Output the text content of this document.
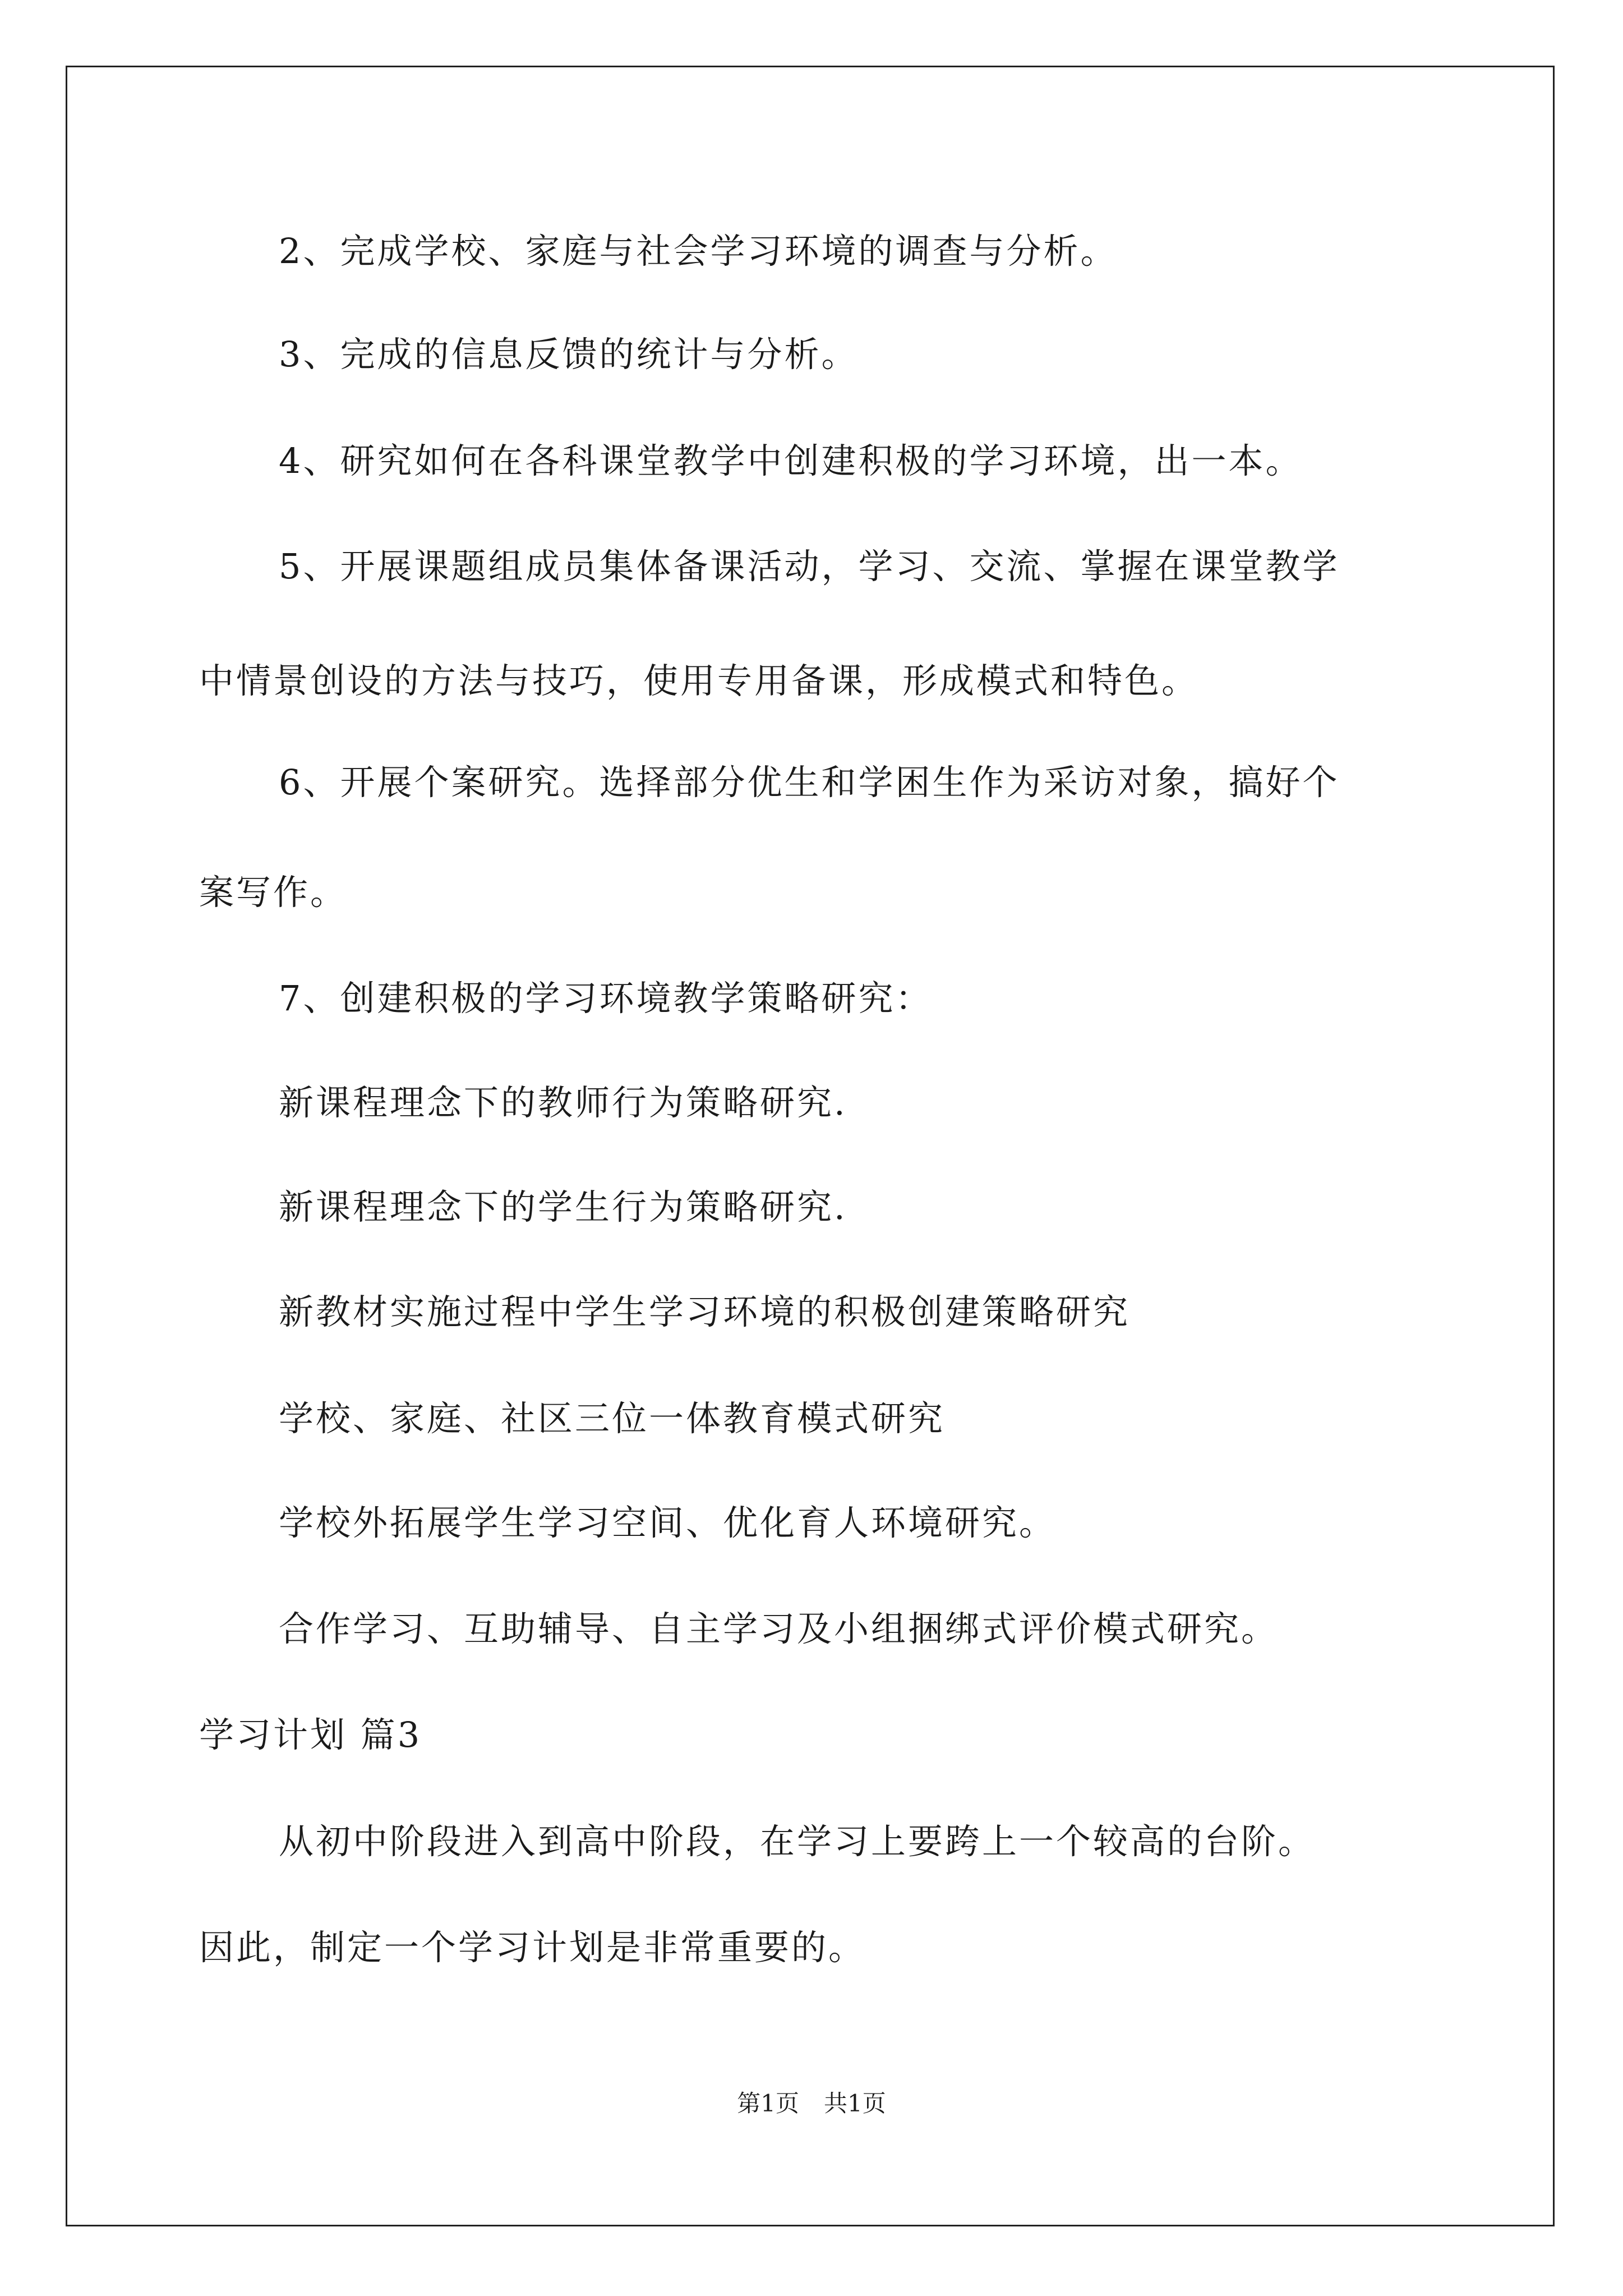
2、完成学校、家庭与社会学习环境的调查与分析。
3、完成的信息反馈的统计与分析。
4、研究如何在各科课堂教学中创建积极的学习环境，出一本。
5、开展课题组成员集体备课活动，学习、交流、掌握在课堂教学
中情景创设的方法与技巧，使用专用备课，形成模式和特色。
6、开展个案研究。选择部分优生和学困生作为采访对象，搞好个
案写作。
7、创建积极的学习环境教学策略研究：
新课程理念下的教师行为策略研究.
新课程理念下的学生行为策略研究.
新教材实施过程中学生学习环境的积极创建策略研究
学校、家庭、社区三位一体教育模式研究
学校外拓展学生学习空间、优化育人环境研究。
合作学习、互助辅导、自主学习及小组捆绑式评价模式研究。
学习计划 篇3
从初中阶段进入到高中阶段，在学习上要跨上一个较高的台阶。
因此，制定一个学习计划是非常重要的。
第1页 共1页
